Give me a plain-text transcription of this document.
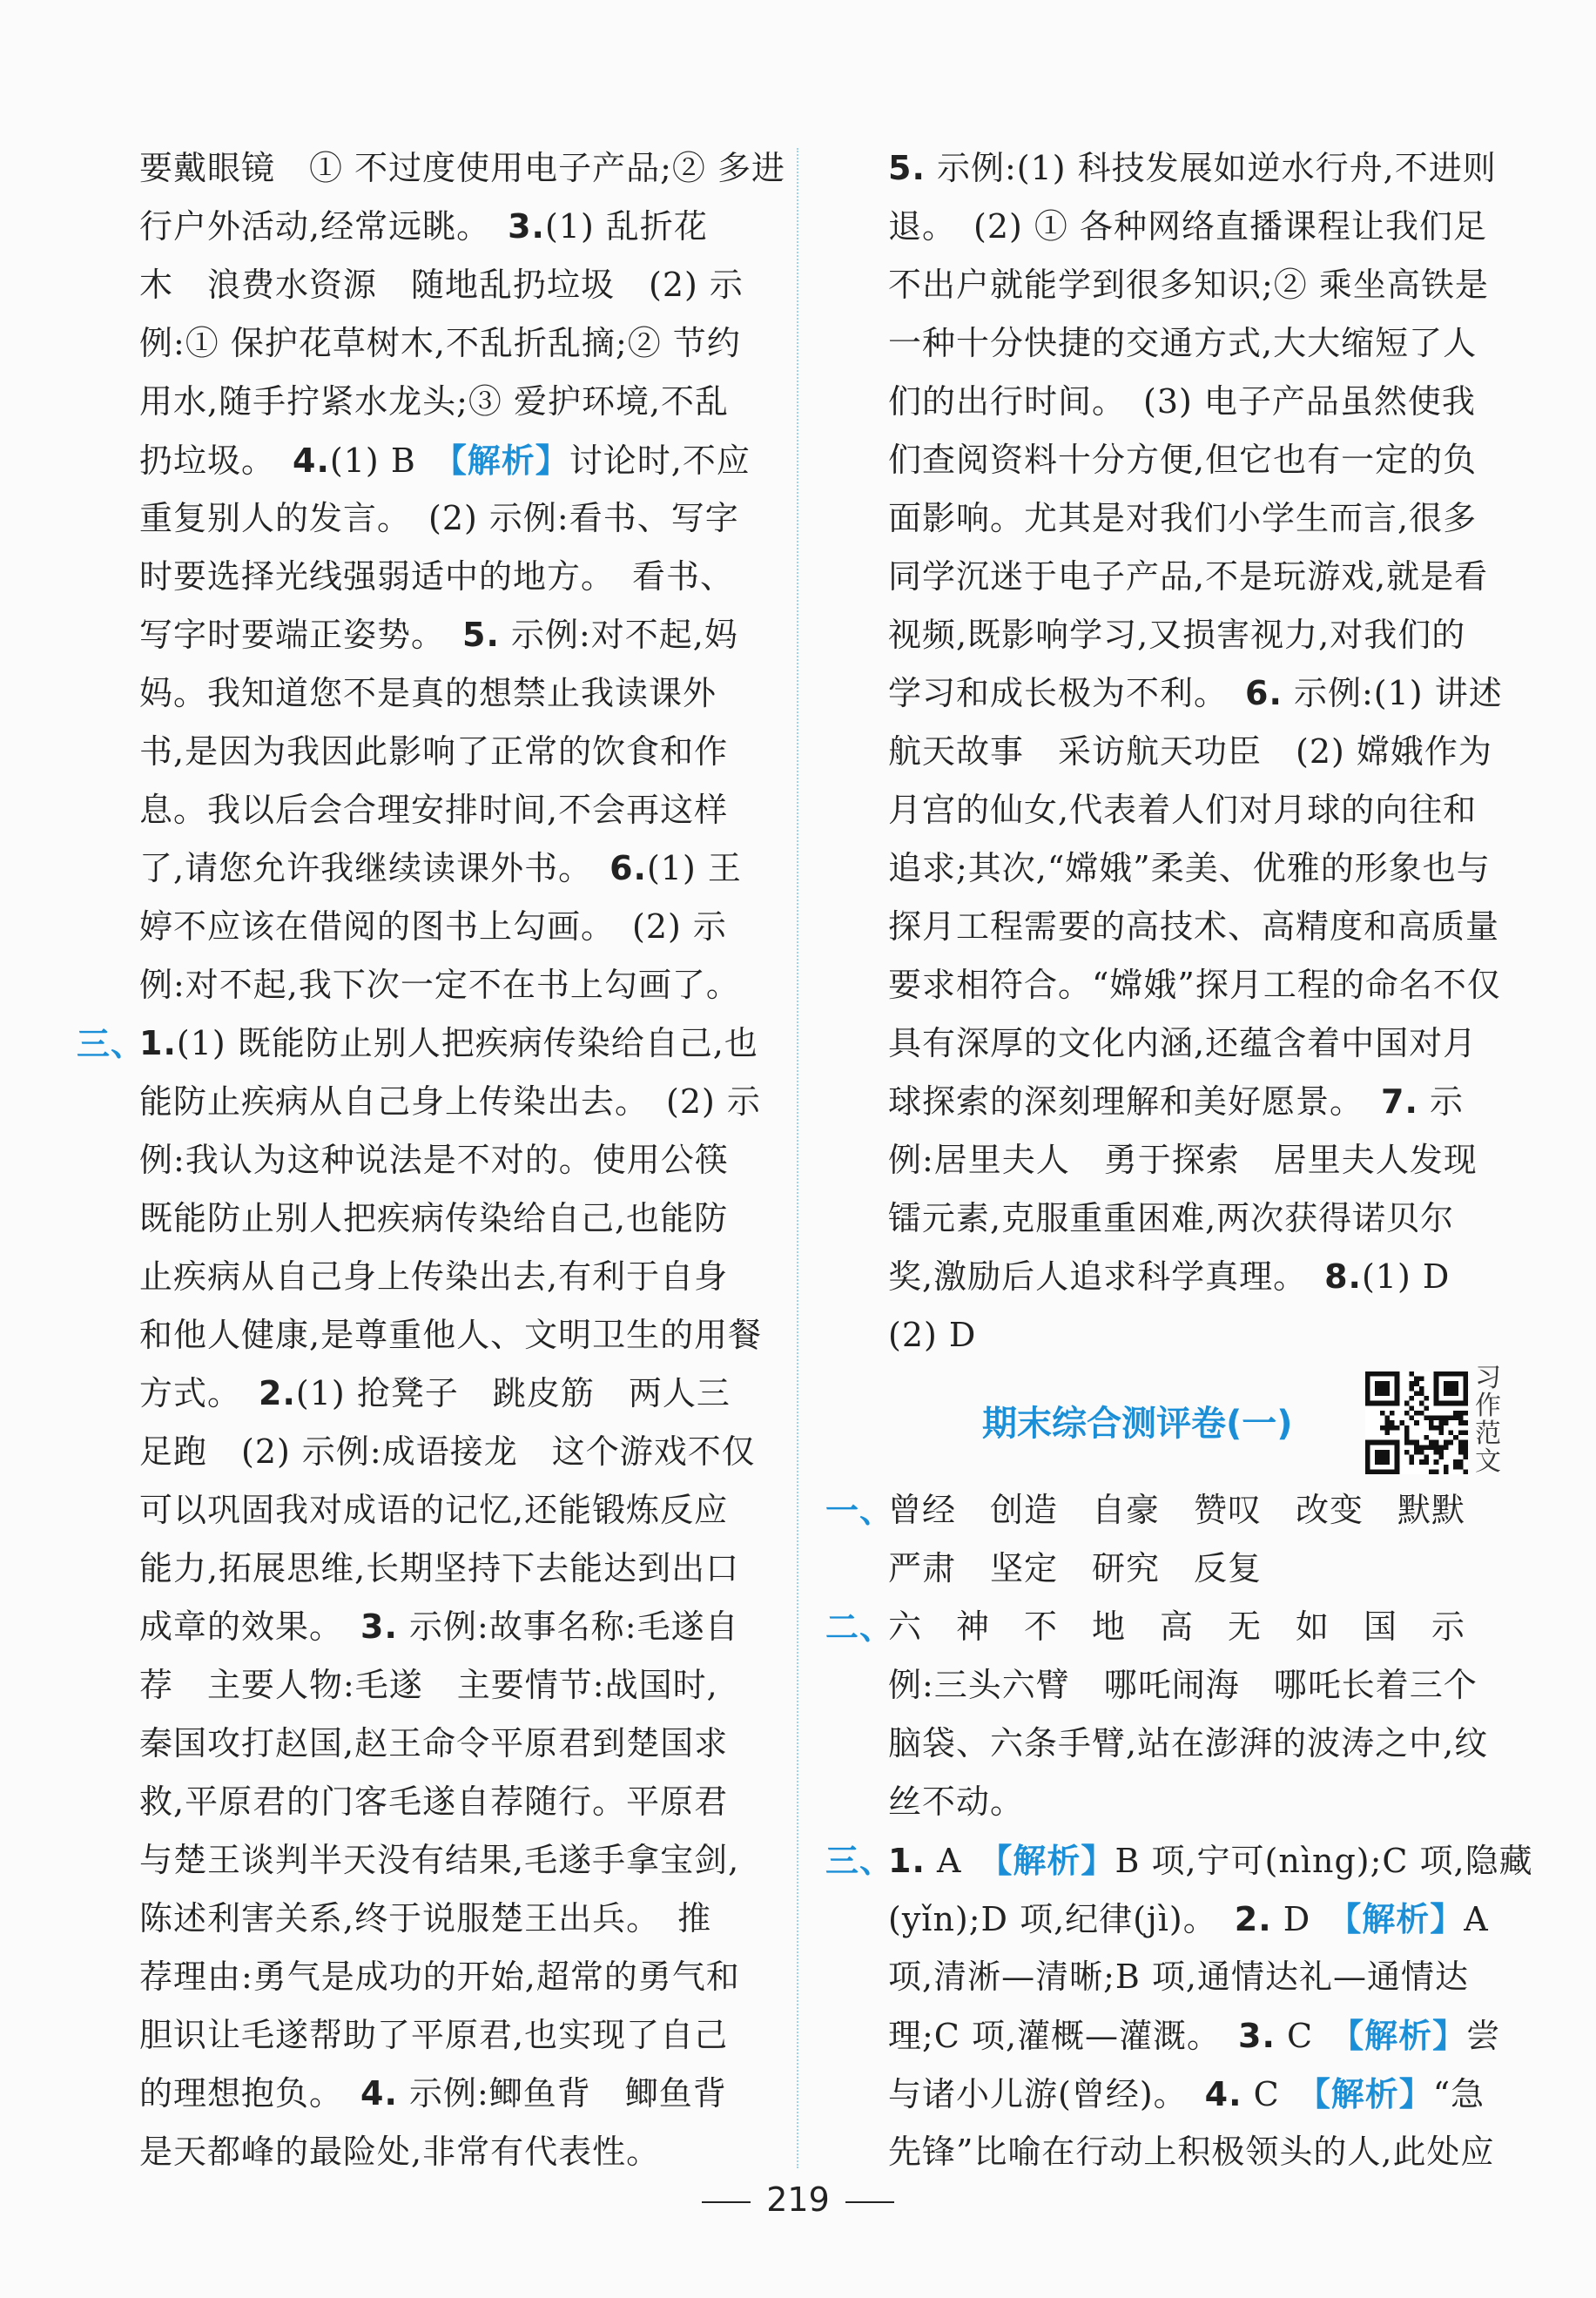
要戴眼镜　① 不过度使用电子产品;② 多进
行户外活动,经常远眺。　3.(1) 乱折花
木　浪费水资源　随地乱扔垃圾　(2) 示
例:① 保护花草树木,不乱折乱摘;② 节约
用水,随手拧紧水龙头;③ 爱护环境,不乱
扔垃圾。　4.(1) B　【解析】讨论时,不应
重复别人的发言。　(2) 示例:看书、写字
时要选择光线强弱适中的地方。　看书、
写字时要端正姿势。　5. 示例:对不起,妈
妈。我知道您不是真的想禁止我读课外
书,是因为我因此影响了正常的饮食和作
息。我以后会合理安排时间,不会再这样
了,请您允许我继续读课外书。　6.(1) 王
婷不应该在借阅的图书上勾画。　(2) 示
例:对不起,我下次一定不在书上勾画了。
三、
1.(1) 既能防止别人把疾病传染给自己,也
能防止疾病从自己身上传染出去。　(2) 示
例:我认为这种说法是不对的。使用公筷
既能防止别人把疾病传染给自己,也能防
止疾病从自己身上传染出去,有利于自身
和他人健康,是尊重他人、文明卫生的用餐
方式。　2.(1) 抢凳子　跳皮筋　两人三
足跑　(2) 示例:成语接龙　这个游戏不仅
可以巩固我对成语的记忆,还能锻炼反应
能力,拓展思维,长期坚持下去能达到出口
成章的效果。　3. 示例:故事名称:毛遂自
荐　主要人物:毛遂　主要情节:战国时,
秦国攻打赵国,赵王命令平原君到楚国求
救,平原君的门客毛遂自荐随行。平原君
与楚王谈判半天没有结果,毛遂手拿宝剑,
陈述利害关系,终于说服楚王出兵。　推
荐理由:勇气是成功的开始,超常的勇气和
胆识让毛遂帮助了平原君,也实现了自己
的理想抱负。　4. 示例:鲫鱼背　鲫鱼背
是天都峰的最险处,非常有代表性。
5. 示例:(1) 科技发展如逆水行舟,不进则
退。　(2) ① 各种网络直播课程让我们足
不出户就能学到很多知识;② 乘坐高铁是
一种十分快捷的交通方式,大大缩短了人
们的出行时间。　(3) 电子产品虽然使我
们查阅资料十分方便,但它也有一定的负
面影响。尤其是对我们小学生而言,很多
同学沉迷于电子产品,不是玩游戏,就是看
视频,既影响学习,又损害视力,对我们的
学习和成长极为不利。　6. 示例:(1) 讲述
航天故事　采访航天功臣　(2) 嫦娥作为
月宫的仙女,代表着人们对月球的向往和
追求;其次,“嫦娥”柔美、优雅的形象也与
探月工程需要的高技术、高精度和高质量
要求相符合。“嫦娥”探月工程的命名不仅
具有深厚的文化内涵,还蕴含着中国对月
球探索的深刻理解和美好愿景。　7. 示
例:居里夫人　勇于探索　居里夫人发现
镭元素,克服重重困难,两次获得诺贝尔
奖,激励后人追求科学真理。　8.(1) D
(2) D
期末综合测评卷(一)
习作范文
一、
曾经　创造　自豪　赞叹　改变　默默
严肃　坚定　研究　反复
二、
六　神　不　地　高　无　如　国　示
例:三头六臂　哪吒闹海　哪吒长着三个
脑袋、六条手臂,站在澎湃的波涛之中,纹
丝不动。
三、
1. A　【解析】B 项,宁可(nìng);C 项,隐藏
(yǐn);D 项,纪律(jì)。　2. D　【解析】A
项,清淅—清晰;B 项,通情达礼—通情达
理;C 项,灌概—灌溉。　3. C　【解析】尝
与诸小儿游(曾经)。　4. C　【解析】“急
先锋”比喻在行动上积极领头的人,此处应
219
